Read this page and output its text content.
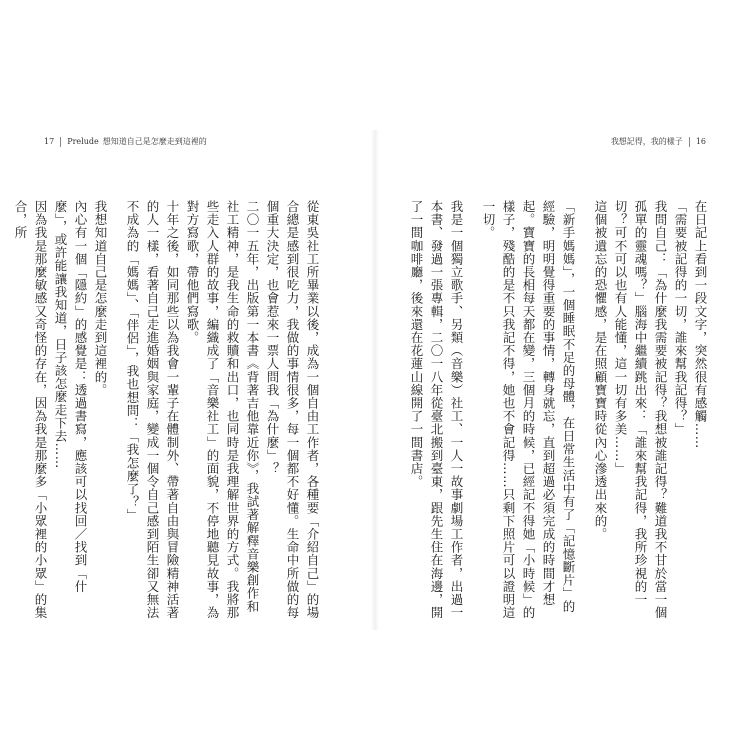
17 Prelude 想知道自己是怎麼走到這裡的

從東吳社工所畢業以後，成為一個自由工作者，各種要「介紹自己」的場合總是感到很吃力，我做的事情很多，每一個都不好懂。生命中所做的每個重大決定，也會惹來一票人問我「為什麼」？

二〇一五年，出版第一本書《背著吉他靠近你》，我試著解釋音樂創作和社工精神，是我生命的救贖和出口，也同時是我理解世界的方式。我將那些走入人群的故事，編織成了「音樂社工」的面貌，不停地聽見故事，為對方寫歌，帶他們寫歌。

十年之後，如同那些以為我會一輩子在體制外、帶著自由與冒險精神活著的人一樣，看著自己走進婚姻與家庭，變成一個令自己感到陌生卻又無法不成為的「媽媽」、「伴侶」，我也想問：「我怎麼了？」

我想知道自己是怎麼走到這裡的。

內心有一個「隱約」的感覺是：透過書寫，應該可以找回／找到「什麼」，或許能讓我知道，日子該怎麼走下去……

因為我是那麼敏感又奇怪的存在，因為我是那麼多「小眾裡的小眾」的集合，所

我想記得，我的樣子 16

在日記上看到一段文字，突然很有感觸……

「需要被記得的一切，誰來幫我記得？」

我問自己：「為什麼我需要被記得？我想被誰記得？難道我不甘於當一個孤單的靈魂嗎？」腦海中繼續跳出來：「誰來幫我記得，我所珍視的一切？可不可以也有人能懂，這一切有多美……」

這個被遺忘的恐懼感，是在照顧寶寶時從內心滲透出來的。

「新手媽媽」，一個睡眠不足的母體，在日常生活中有了「記憶斷片」的經驗，明明覺得重要的事情，轉身就忘，直到超過必須完成的時間才想起。寶寶的長相每天都在變，三個月的時候，已經記不得她「小時候」的樣子，殘酷的是不只我記不得，她也不會記得……只剩下照片可以證明這一切。

我是一個獨立歌手、另類（音樂）社工、一人一故事劇場工作者，出過一本書、發過一張專輯，二〇一八年從臺北搬到臺東，跟先生住在海邊，開了一間咖啡廳，後來還在花蓮山線開了一間書店。
